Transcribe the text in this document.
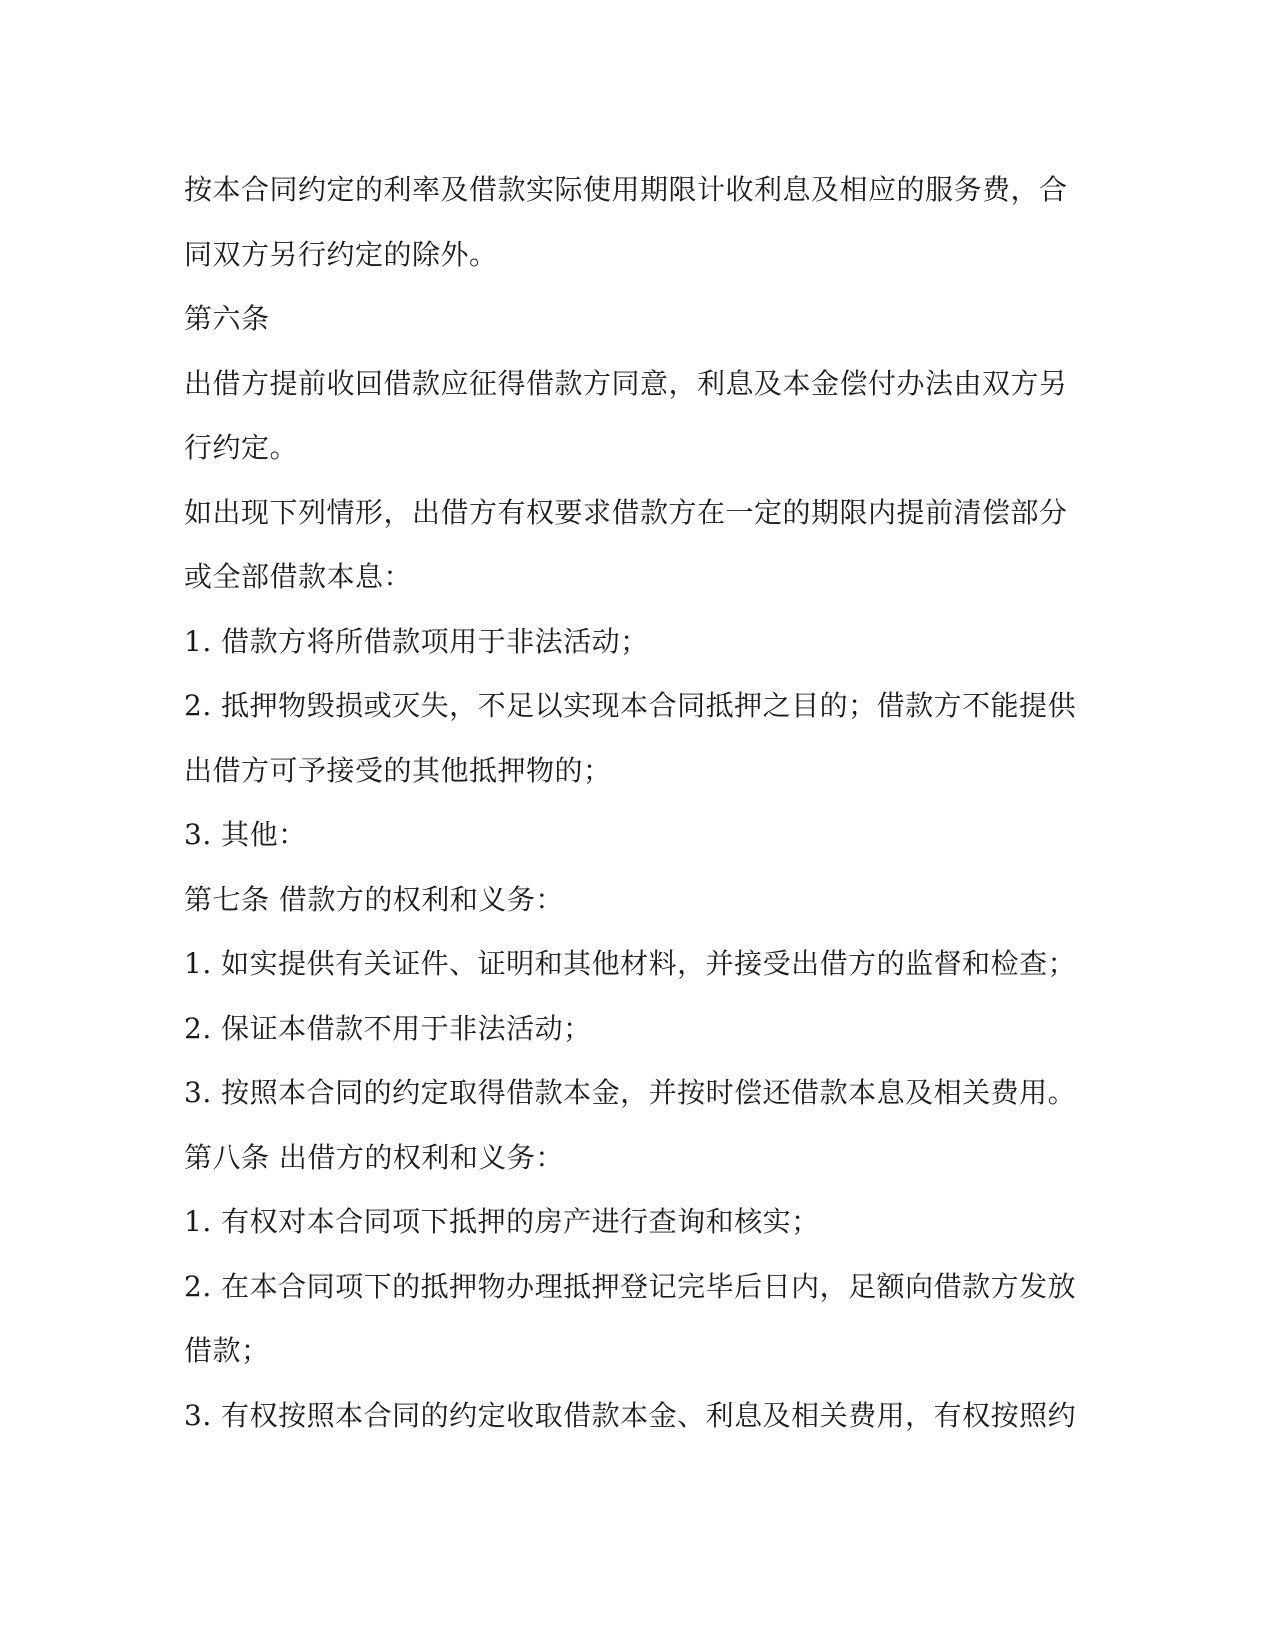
按本合同约定的利率及借款实际使用期限计收利息及相应的服务费，合
同双方另行约定的除外。
第六条
出借方提前收回借款应征得借款方同意，利息及本金偿付办法由双方另
行约定。
如出现下列情形，出借方有权要求借款方在一定的期限内提前清偿部分
或全部借款本息：
1. 借款方将所借款项用于非法活动；
2. 抵押物毁损或灭失，不足以实现本合同抵押之目的；借款方不能提供
出借方可予接受的其他抵押物的；
3. 其他：
第七条 借款方的权利和义务：
1. 如实提供有关证件、证明和其他材料，并接受出借方的监督和检查；
2. 保证本借款不用于非法活动；
3. 按照本合同的约定取得借款本金，并按时偿还借款本息及相关费用。
第八条 出借方的权利和义务：
1. 有权对本合同项下抵押的房产进行查询和核实；
2. 在本合同项下的抵押物办理抵押登记完毕后日内，足额向借款方发放
借款；
3. 有权按照本合同的约定收取借款本金、利息及相关费用，有权按照约
